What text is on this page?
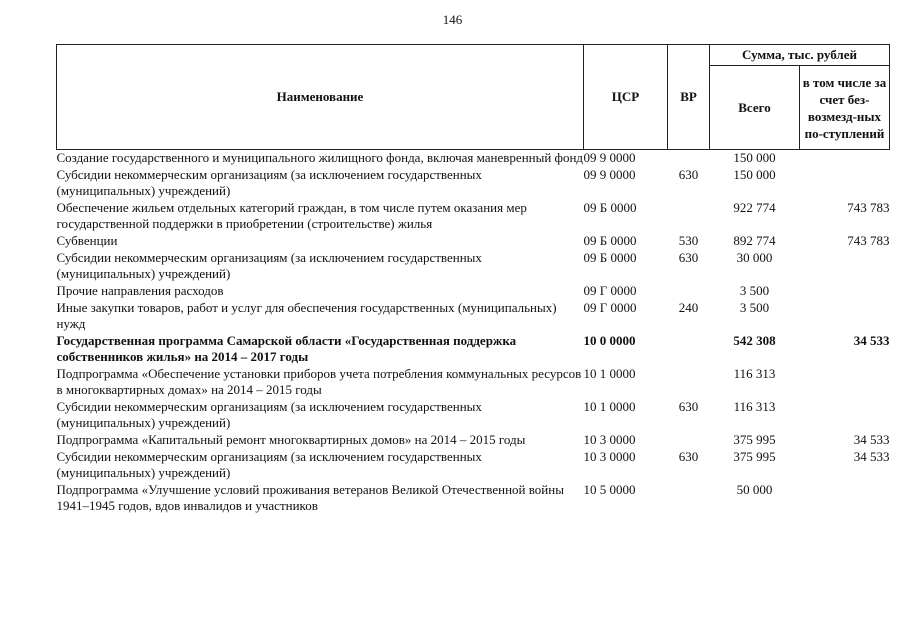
146
Наименование	ЦСР	ВР	Сумма, тыс. рублей	
			Всего	в том числе за счет без-возмезд-ных по-ступлений
Создание государственного и муниципального жилищного фонда, включая маневренный фонд	09 9 0000		150 000	
Субсидии некоммерческим организациям (за исключением государственных (муниципальных) учреждений)	09 9 0000	630	150 000	
Обеспечение жильем отдельных категорий граждан, в том числе путем оказания мер государственной поддержки в приобретении (строительстве) жилья	09 Б 0000		922 774	743 783
Субвенции	09 Б 0000	530	892 774	743 783
Субсидии некоммерческим организациям (за исключением государственных (муниципальных) учреждений)	09 Б 0000	630	30 000	
Прочие направления расходов	09 Г 0000		3 500	
Иные закупки товаров, работ и услуг для обеспечения государственных (муниципальных) нужд	09 Г 0000	240	3 500	
Государственная программа Самарской области «Государственная поддержка собственников жилья» на 2014 – 2017 годы	10 0 0000		542 308	34 533
Подпрограмма «Обеспечение установки приборов учета потребления коммунальных ресурсов в многоквартирных домах» на 2014 – 2015 годы	10 1 0000		116 313	
Субсидии некоммерческим организациям (за исключением государственных (муниципальных) учреждений)	10 1 0000	630	116 313	
Подпрограмма «Капитальный ремонт многоквартирных домов» на 2014 – 2015 годы	10 3 0000		375 995	34 533
Субсидии некоммерческим организациям (за исключением государственных (муниципальных) учреждений)	10 3 0000	630	375 995	34 533
Подпрограмма «Улучшение условий проживания ветеранов Великой Отечественной войны 1941–1945 годов, вдов инвалидов и участников	10 5 0000		50 000	
